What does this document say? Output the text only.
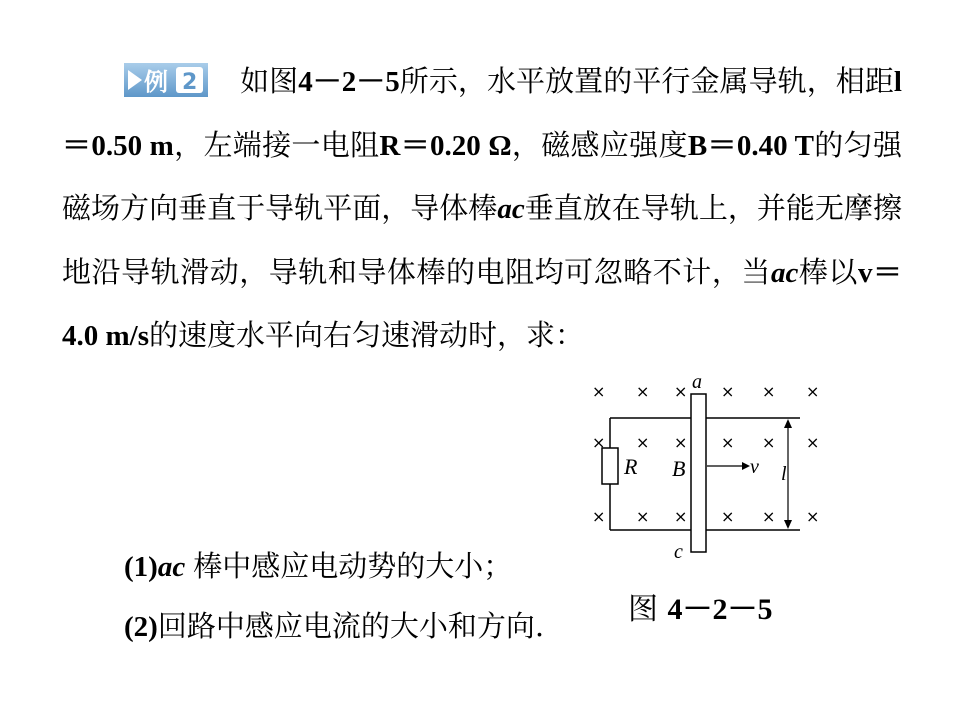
例 2 如图4－2－5所示，水平放置的平行金属导轨，相距l＝0.50 m，左端接一电阻R＝0.20 Ω，磁感应强度B＝0.40 T的匀强磁场方向垂直于导轨平面，导体棒ac垂直放在导轨上，并能无摩擦地沿导轨滑动，导轨和导体棒的电阻均可忽略不计，当ac棒以v＝4.0 m/s的速度水平向右匀速滑动时，求：

(1)ac 棒中感应电动势的大小；
(2)回路中感应电流的大小和方向.
R
a
c
B	v l
× × × × × ×
× × × × × ×
× × × × × ×
图 4－2－5
